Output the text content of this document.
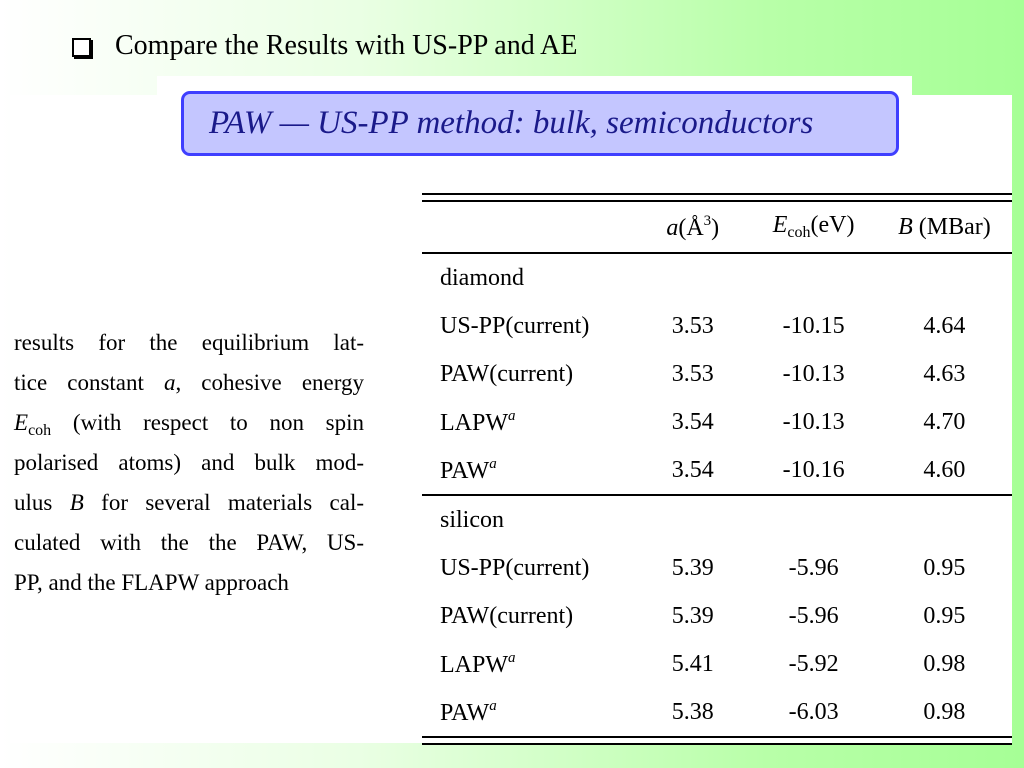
Compare the Results with US-PP and AE
PAW — US-PP method: bulk, semiconductors
results for the equilibrium lat-
tice constant a, cohesive energy
$E_{coh}$ (with respect to non spin
polarised atoms) and bulk mod-
ulus B for several materials cal-
culated with the the PAW, US-
PP, and the FLAPW approach
	$a(Å^3)$	$E_{coh}(eV)$	B (MBar)
diamond			
US-PP(current)	3.53	-10.15	4.64
PAW(current)	3.53	-10.13	4.63
LAPW$^a$	3.54	-10.13	4.70
PAW$^a$	3.54	-10.16	4.60
silicon			
US-PP(current)	5.39	-5.96	0.95
PAW(current)	5.39	-5.96	0.95
LAPW$^a$	5.41	-5.92	0.98
PAW$^a$	5.38	-6.03	0.98
